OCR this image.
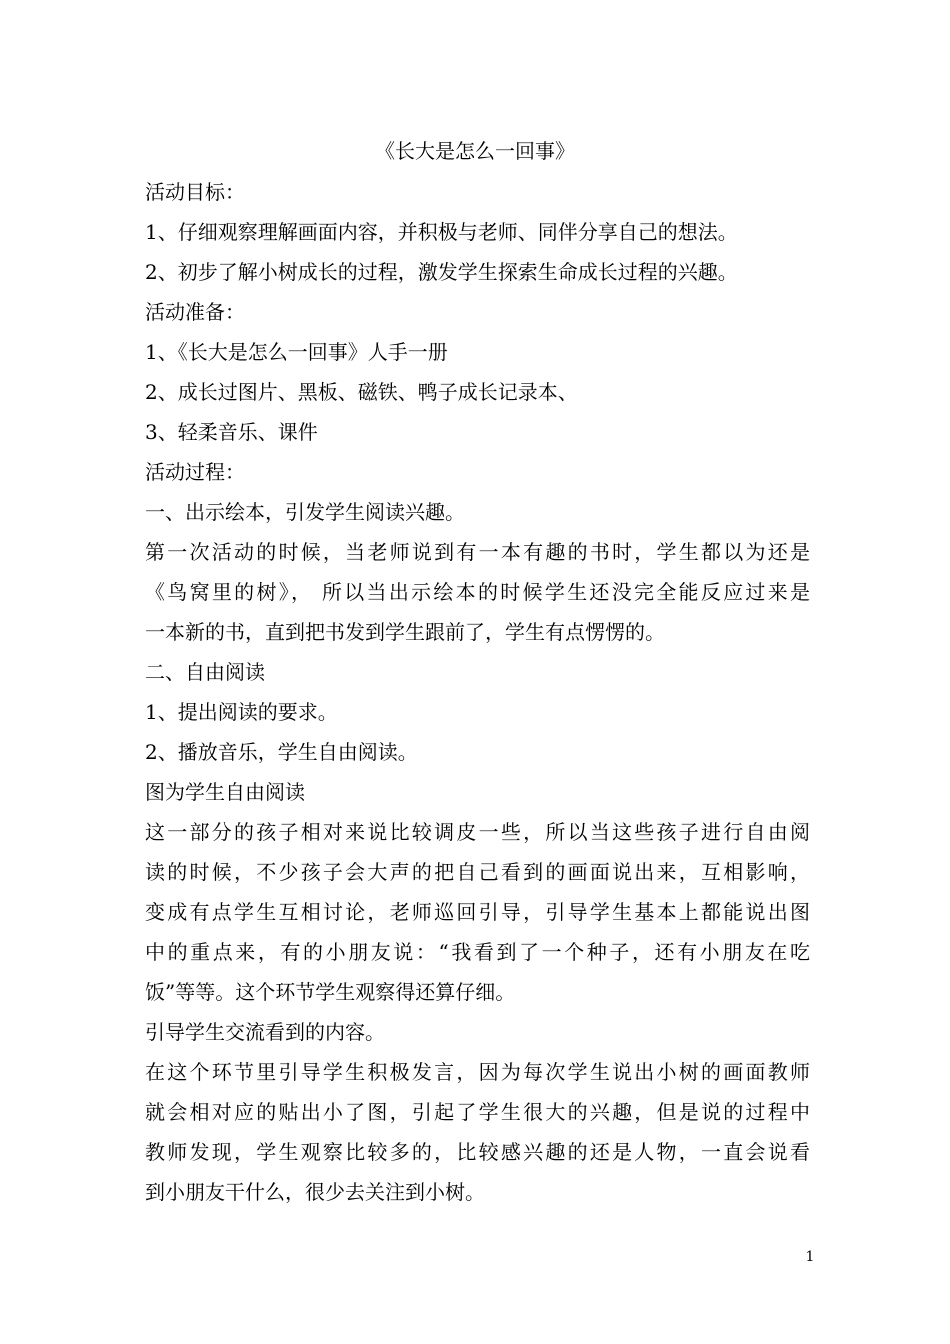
《长大是怎么一回事》
活动目标：
1、仔细观察理解画面内容，并积极与老师、同伴分享自己的想法。
2、初步了解小树成长的过程，激发学生探索生命成长过程的兴趣。
活动准备：
1、《长大是怎么一回事》人手一册
2、成长过图片、黑板、磁铁、鸭子成长记录本、
3、轻柔音乐、课件
活动过程：
一、出示绘本，引发学生阅读兴趣。
第一次活动的时候，当老师说到有一本有趣的书时，学生都以为还是
《鸟窝里的树》， 所以当出示绘本的时候学生还没完全能反应过来是
一本新的书，直到把书发到学生跟前了，学生有点愣愣的。
二、自由阅读
1、提出阅读的要求。
2、播放音乐，学生自由阅读。
图为学生自由阅读
这一部分的孩子相对来说比较调皮一些，所以当这些孩子进行自由阅
读的时候，不少孩子会大声的把自己看到的画面说出来，互相影响，
变成有点学生互相讨论，老师巡回引导，引导学生基本上都能说出图
中的重点来，有的小朋友说：“我看到了一个种子，还有小朋友在吃
饭”等等。这个环节学生观察得还算仔细。
引导学生交流看到的内容。
在这个环节里引导学生积极发言，因为每次学生说出小树的画面教师
就会相对应的贴出小了图，引起了学生很大的兴趣，但是说的过程中
教师发现，学生观察比较多的，比较感兴趣的还是人物，一直会说看
到小朋友干什么，很少去关注到小树。
1
